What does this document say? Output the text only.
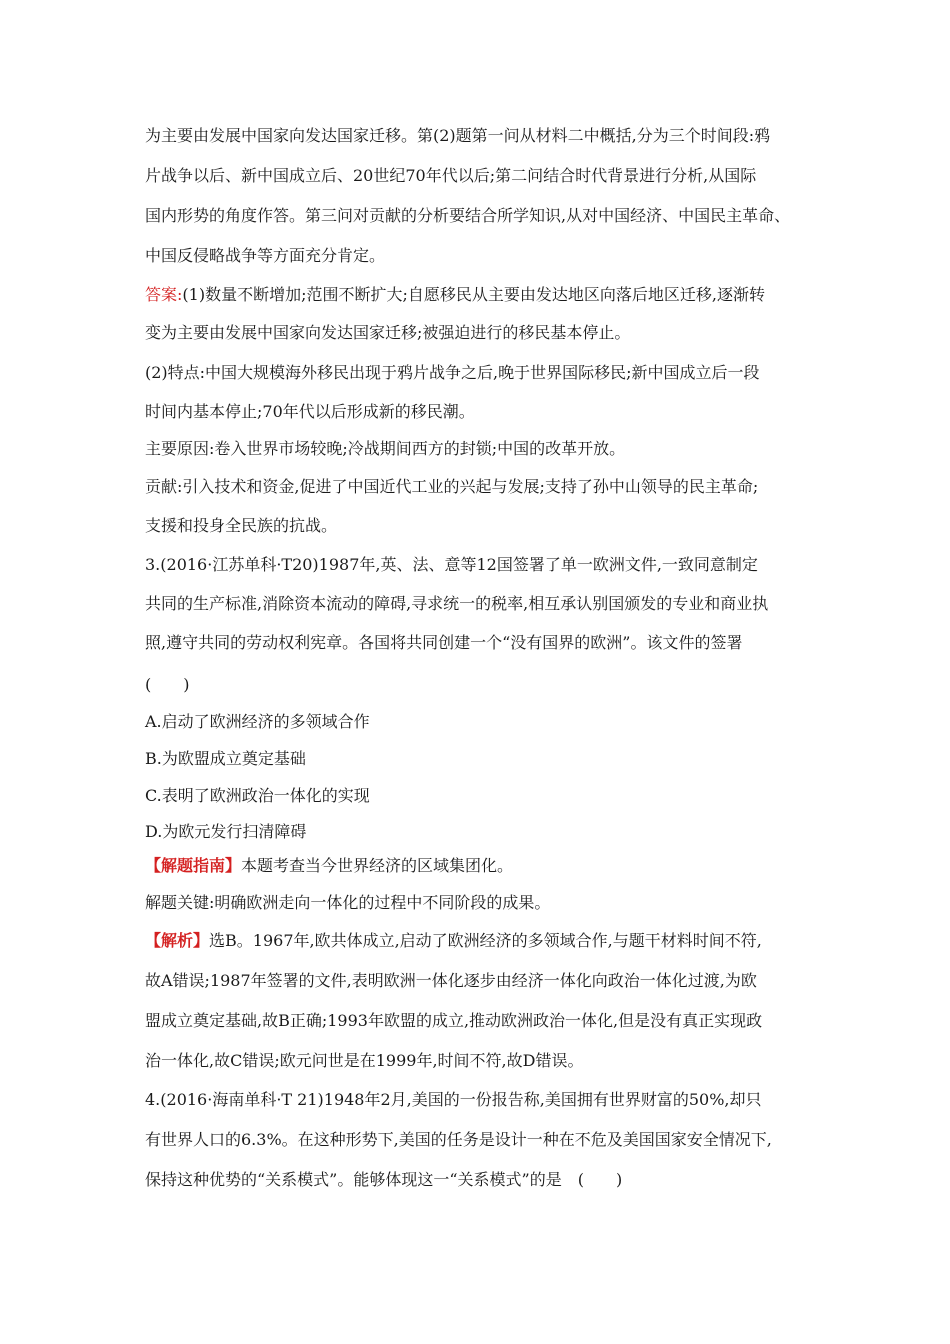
为主要由发展中国家向发达国家迁移。第(2)题第一问从材料二中概括,分为三个时间段:鸦
片战争以后、新中国成立后、20世纪70年代以后;第二问结合时代背景进行分析,从国际
国内形势的角度作答。第三问对贡献的分析要结合所学知识,从对中国经济、中国民主革命、
中国反侵略战争等方面充分肯定。
答案:(1)数量不断增加;范围不断扩大;自愿移民从主要由发达地区向落后地区迁移,逐渐转
变为主要由发展中国家向发达国家迁移;被强迫进行的移民基本停止。
(2)特点:中国大规模海外移民出现于鸦片战争之后,晚于世界国际移民;新中国成立后一段
时间内基本停止;70年代以后形成新的移民潮。
主要原因:卷入世界市场较晚;冷战期间西方的封锁;中国的改革开放。
贡献:引入技术和资金,促进了中国近代工业的兴起与发展;支持了孙中山领导的民主革命;
支援和投身全民族的抗战。
3.(2016·江苏单科·T20)1987年,英、法、意等12国签署了单一欧洲文件,一致同意制定
共同的生产标准,消除资本流动的障碍,寻求统一的税率,相互承认别国颁发的专业和商业执
照,遵守共同的劳动权利宪章。各国将共同创建一个“没有国界的欧洲”。该文件的签署
(　　)
A.启动了欧洲经济的多领域合作
B.为欧盟成立奠定基础
C.表明了欧洲政治一体化的实现
D.为欧元发行扫清障碍
【解题指南】本题考查当今世界经济的区域集团化。
解题关键:明确欧洲走向一体化的过程中不同阶段的成果。
【解析】选B。1967年,欧共体成立,启动了欧洲经济的多领域合作,与题干材料时间不符,
故A错误;1987年签署的文件,表明欧洲一体化逐步由经济一体化向政治一体化过渡,为欧
盟成立奠定基础,故B正确;1993年欧盟的成立,推动欧洲政治一体化,但是没有真正实现政
治一体化,故C错误;欧元问世是在1999年,时间不符,故D错误。
4.(2016·海南单科·T 21)1948年2月,美国的一份报告称,美国拥有世界财富的50%,却只
有世界人口的6.3%。在这种形势下,美国的任务是设计一种在不危及美国国家安全情况下,
保持这种优势的“关系模式”。能够体现这一“关系模式”的是　(　　)
